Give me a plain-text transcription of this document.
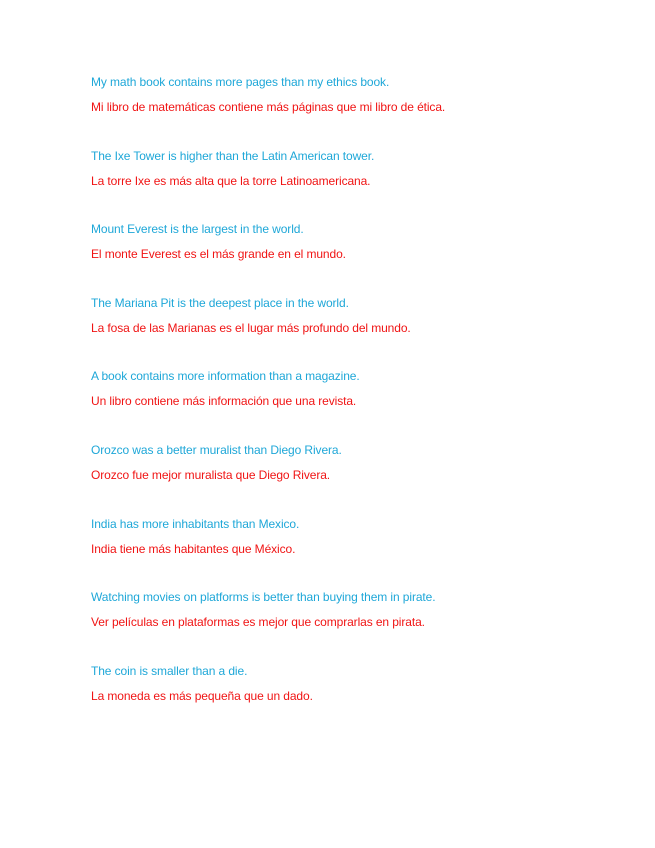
My math book contains more pages than my ethics book.
Mi libro de matemáticas contiene más páginas que mi libro de ética.
The Ixe Tower is higher than the Latin American tower.
La torre Ixe es más alta que la torre Latinoamericana.
Mount Everest is the largest in the world.
El monte Everest es el más grande en el mundo.
The Mariana Pit is the deepest place in the world.
La fosa de las Marianas es el lugar más profundo del mundo.
A book contains more information than a magazine.
Un libro contiene más información que una revista.
Orozco was a better muralist than Diego Rivera.
Orozco fue mejor muralista que Diego Rivera.
India has more inhabitants than Mexico.
India tiene más habitantes que México.
Watching movies on platforms is better than buying them in pirate.
Ver películas en plataformas es mejor que comprarlas en pirata.
The coin is smaller than a die.
La moneda es más pequeña que un dado.
